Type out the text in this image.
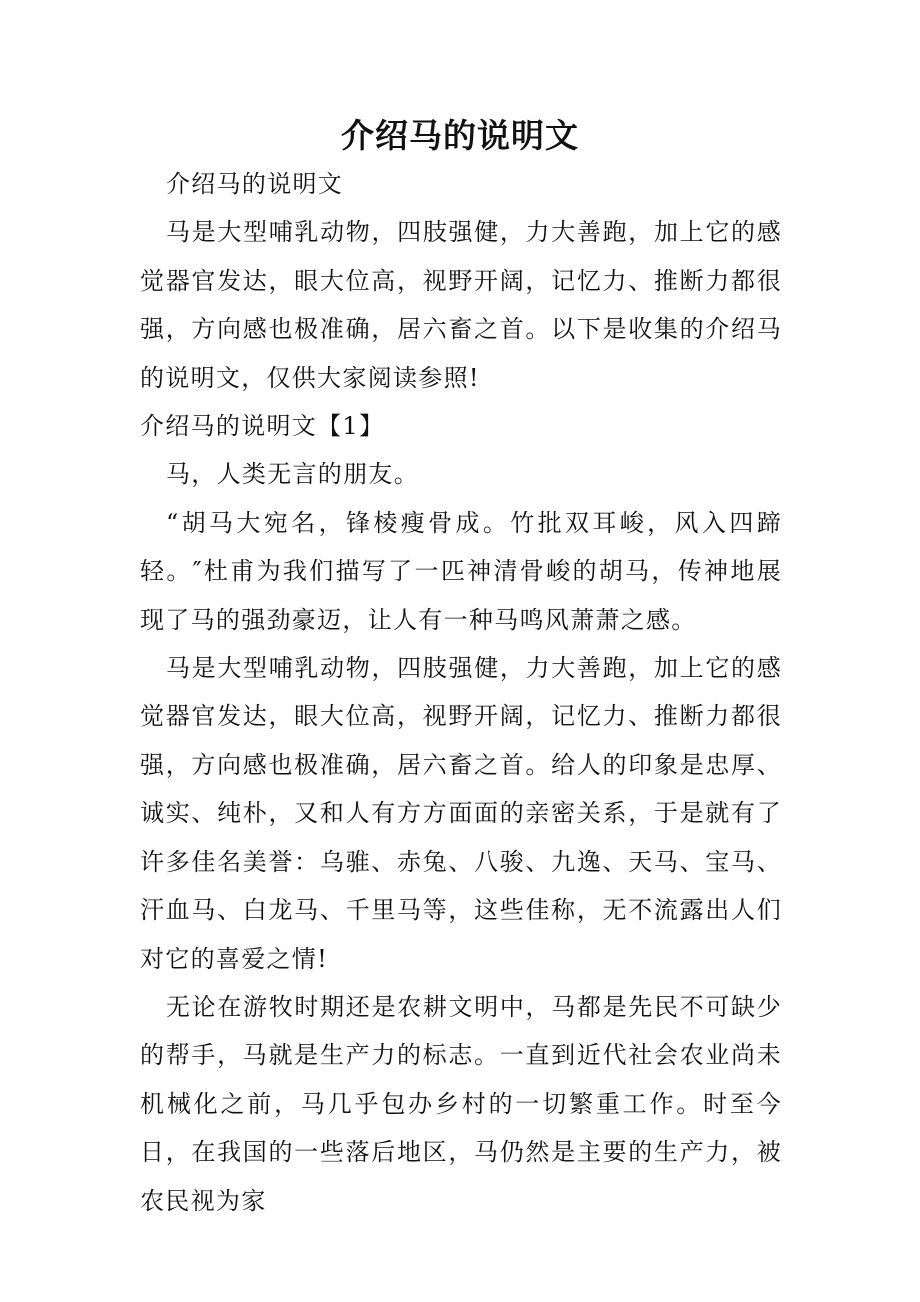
介绍马的说明文

介绍马的说明文

马是大型哺乳动物，四肢强健，力大善跑，加上它的感觉器官发达，眼大位高，视野开阔，记忆力、推断力都很强，方向感也极准确，居六畜之首。以下是收集的介绍马的说明文，仅供大家阅读参照!

介绍马的说明文【1】

马，人类无言的朋友。

“胡马大宛名，锋棱瘦骨成。竹批双耳峻，风入四蹄轻。″杜甫为我们描写了一匹神清骨峻的胡马，传神地展现了马的强劲豪迈，让人有一种马鸣风萧萧之感。

马是大型哺乳动物，四肢强健，力大善跑，加上它的感觉器官发达，眼大位高，视野开阔，记忆力、推断力都很强，方向感也极准确，居六畜之首。给人的印象是忠厚、诚实、纯朴，又和人有方方面面的亲密关系，于是就有了许多佳名美誉：乌骓、赤兔、八骏、九逸、天马、宝马、汗血马、白龙马、千里马等，这些佳称，无不流露出人们对它的喜爱之情!

无论在游牧时期还是农耕文明中，马都是先民不可缺少的帮手，马就是生产力的标志。一直到近代社会农业尚未机械化之前，马几乎包办乡村的一切繁重工作。时至今日，在我国的一些落后地区，马仍然是主要的生产力，被农民视为家
